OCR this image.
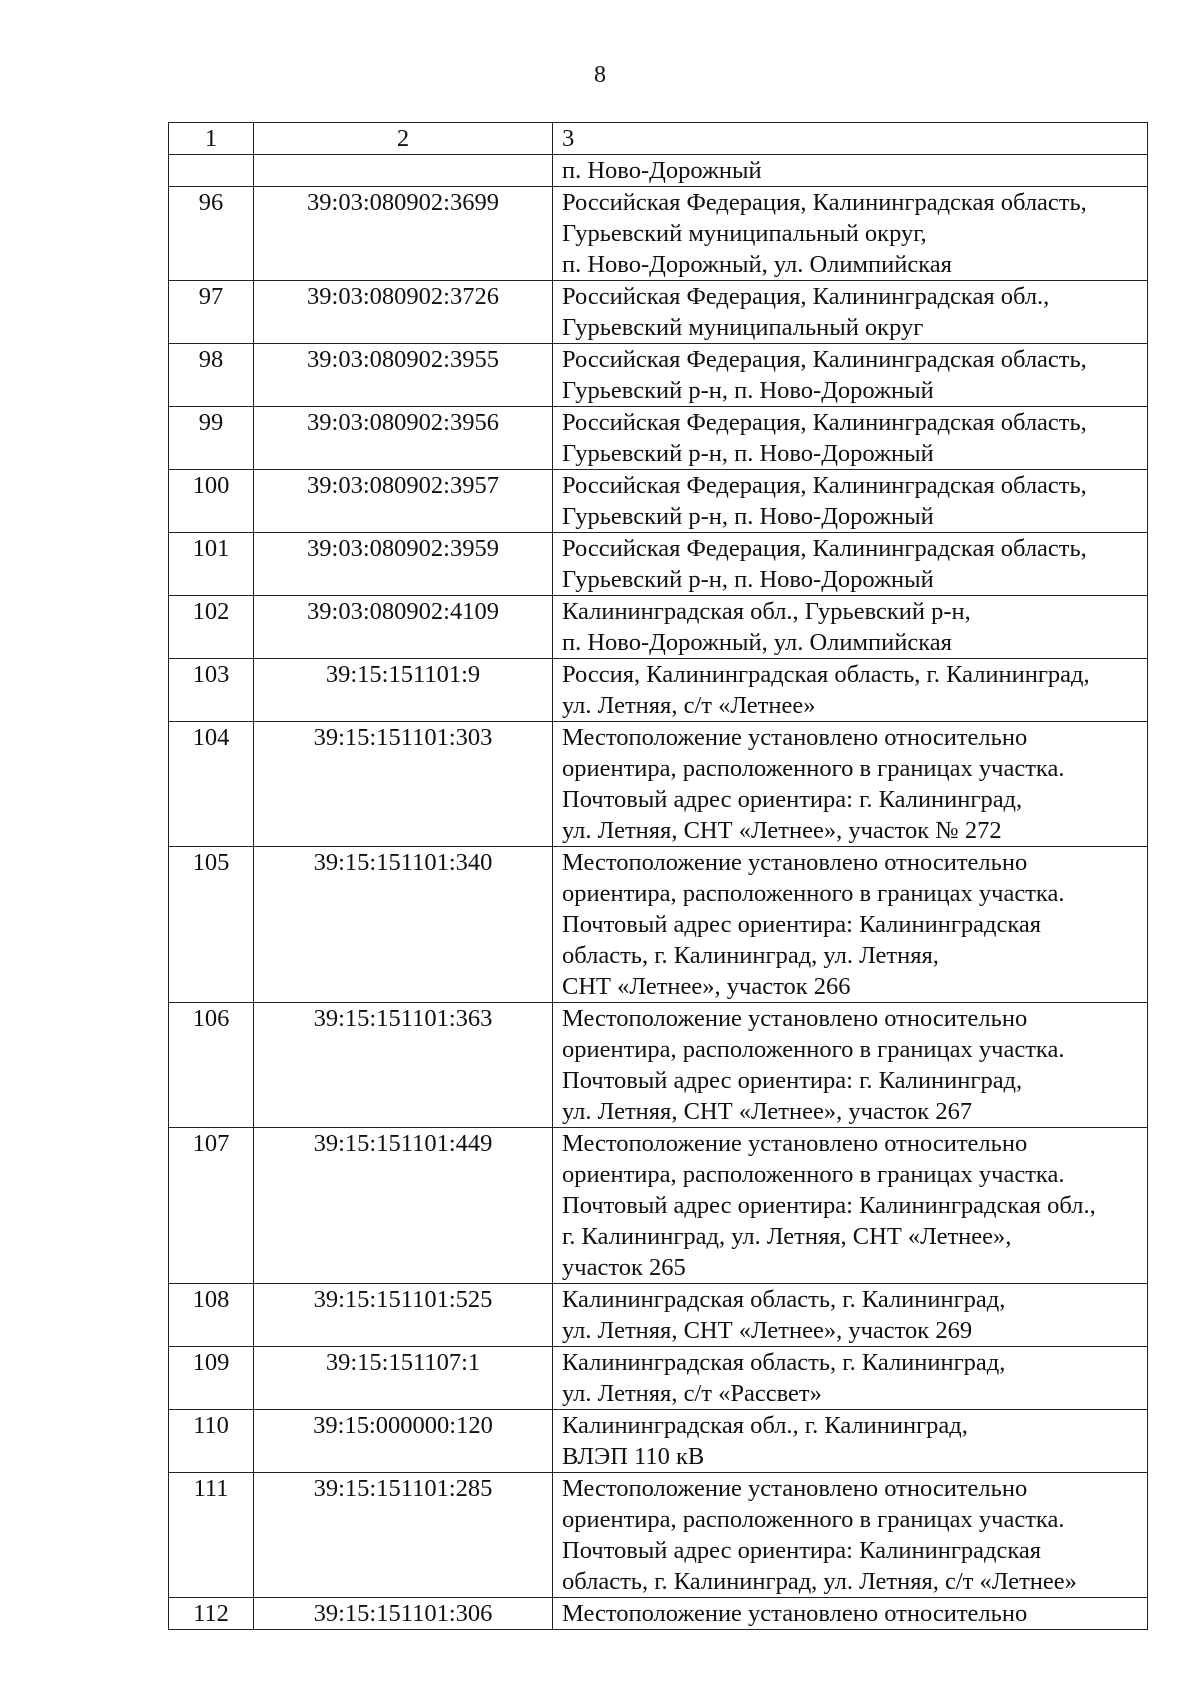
8
1	2	3

		п. Ново-Дорожный

96	39:03:080902:3699	Российская Федерация, Калининградская область,
Гурьевский муниципальный округ,
п. Ново-Дорожный, ул. Олимпийская

97	39:03:080902:3726	Российская Федерация, Калининградская обл.,
Гурьевский муниципальный округ

98	39:03:080902:3955	Российская Федерация, Калининградская область,
Гурьевский р-н, п. Ново-Дорожный

99	39:03:080902:3956	Российская Федерация, Калининградская область,
Гурьевский р-н, п. Ново-Дорожный

100	39:03:080902:3957	Российская Федерация, Калининградская область,
Гурьевский р-н, п. Ново-Дорожный

101	39:03:080902:3959	Российская Федерация, Калининградская область,
Гурьевский р-н, п. Ново-Дорожный

102	39:03:080902:4109	Калининградская обл., Гурьевский р-н,
п. Ново-Дорожный, ул. Олимпийская

103	39:15:151101:9	Россия, Калининградская область, г. Калининград,
ул. Летняя, с/т «Летнее»

104	39:15:151101:303	Местоположение установлено относительно
ориентира, расположенного в границах участка.
Почтовый адрес ориентира: г. Калининград,
ул. Летняя, СНТ «Летнее», участок № 272

105	39:15:151101:340	Местоположение установлено относительно
ориентира, расположенного в границах участка.
Почтовый адрес ориентира: Калининградская
область, г. Калининград, ул. Летняя,
СНТ «Летнее», участок 266

106	39:15:151101:363	Местоположение установлено относительно
ориентира, расположенного в границах участка.
Почтовый адрес ориентира: г. Калининград,
ул. Летняя, СНТ «Летнее», участок 267

107	39:15:151101:449	Местоположение установлено относительно
ориентира, расположенного в границах участка.
Почтовый адрес ориентира: Калининградская обл.,
г. Калининград, ул. Летняя, СНТ «Летнее»,
участок 265

108	39:15:151101:525	Калининградская область, г. Калининград,
ул. Летняя, СНТ «Летнее», участок 269

109	39:15:151107:1	Калининградская область, г. Калининград,
ул. Летняя, с/т «Рассвет»

110	39:15:000000:120	Калининградская обл., г. Калининград,
ВЛЭП 110 кВ

111	39:15:151101:285	Местоположение установлено относительно
ориентира, расположенного в границах участка.
Почтовый адрес ориентира: Калининградская
область, г. Калининград, ул. Летняя, с/т «Летнее»

112	39:15:151101:306	Местоположение установлено относительно
